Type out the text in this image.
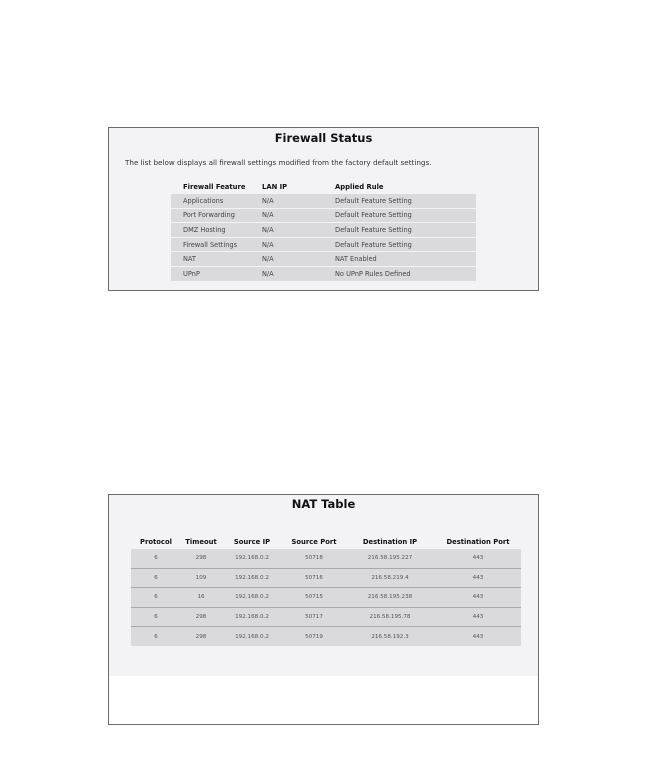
Firewall Status
The list below displays all firewall settings modified from the factory default settings.
Firewall Feature	LAN IP	Applied Rule
Applications	N/A	Default Feature Setting
Port Forwarding	N/A	Default Feature Setting
DMZ Hosting	N/A	Default Feature Setting
Firewall Settings	N/A	Default Feature Setting
NAT	N/A	NAT Enabled
UPnP	N/A	No UPnP Rules Defined
NAT Table
Protocol	Timeout	Source IP	Source Port	Destination IP	Destination Port
6	298	192.168.0.2	50718	216.58.195.227	443
6	109	192.168.0.2	50716	216.58.219.4	443
6	16	192.168.0.2	50715	216.58.195.238	443
6	298	192.168.0.2	50717	216.58.195.78	443
6	298	192.168.0.2	50719	216.58.192.3	443
